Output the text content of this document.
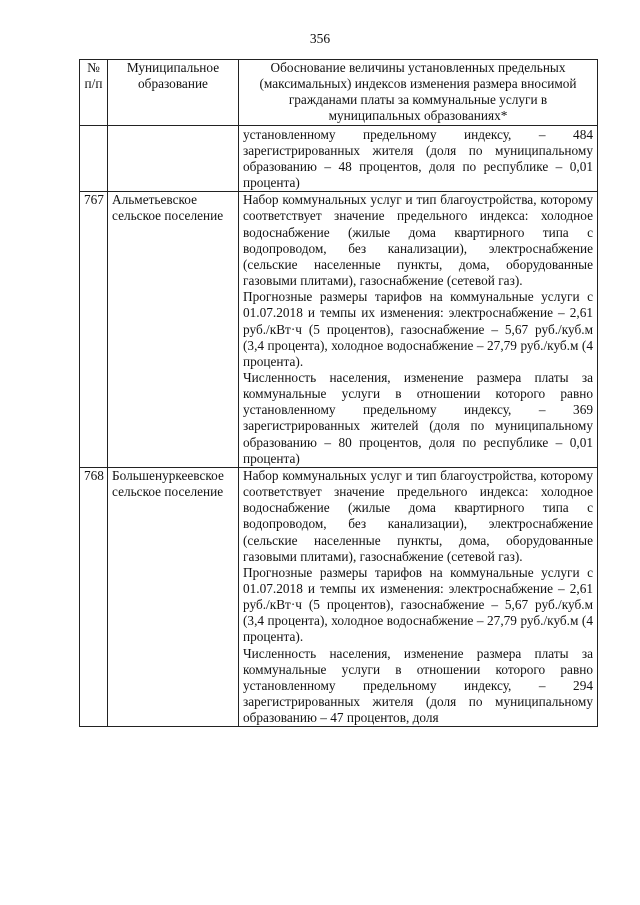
356
№ п/п	Муниципальное образование	Обоснование величины установленных предельных (максимальных) индексов изменения размера вносимой гражданами платы за коммунальные услуги в муниципальных образованиях*

		установленному предельному индексу, – 484 зарегистрированных жителя (доля по муниципальному образованию – 48 процентов, доля по республике – 0,01 процента)

767	Альметьевское сельское поселение	Набор коммунальных услуг и тип благоустройства, которому соответствует значение предельного индекса: холодное водоснабжение (жилые дома квартирного типа с водопроводом, без канализации), электроснабжение (сельские населенные пункты, дома, оборудованные газовыми плитами), газоснабжение (сетевой газ).

Прогнозные размеры тарифов на коммунальные услуги с 01.07.2018 и темпы их изменения: электроснабжение – 2,61 руб./кВт·ч (5 процентов), газоснабжение – 5,67 руб./куб.м (3,4 процента), холодное водоснабжение – 27,79 руб./куб.м (4 процента).

Численность населения, изменение размера платы за коммунальные услуги в отношении которого равно установленному предельному индексу, – 369 зарегистрированных жителей (доля по муниципальному образованию – 80 процентов, доля по республике – 0,01 процента)

768	Большенуркеевское сельское поселение	Набор коммунальных услуг и тип благоустройства, которому соответствует значение предельного индекса: холодное водоснабжение (жилые дома квартирного типа с водопроводом, без канализации), электроснабжение (сельские населенные пункты, дома, оборудованные газовыми плитами), газоснабжение (сетевой газ).

Прогнозные размеры тарифов на коммунальные услуги с 01.07.2018 и темпы их изменения: электроснабжение – 2,61 руб./кВт·ч (5 процентов), газоснабжение – 5,67 руб./куб.м (3,4 процента), холодное водоснабжение – 27,79 руб./куб.м (4 процента).

Численность населения, изменение размера платы за коммунальные услуги в отношении которого равно установленному предельному индексу, – 294 зарегистрированных жителя (доля по муниципальному образованию – 47 процентов, доля
